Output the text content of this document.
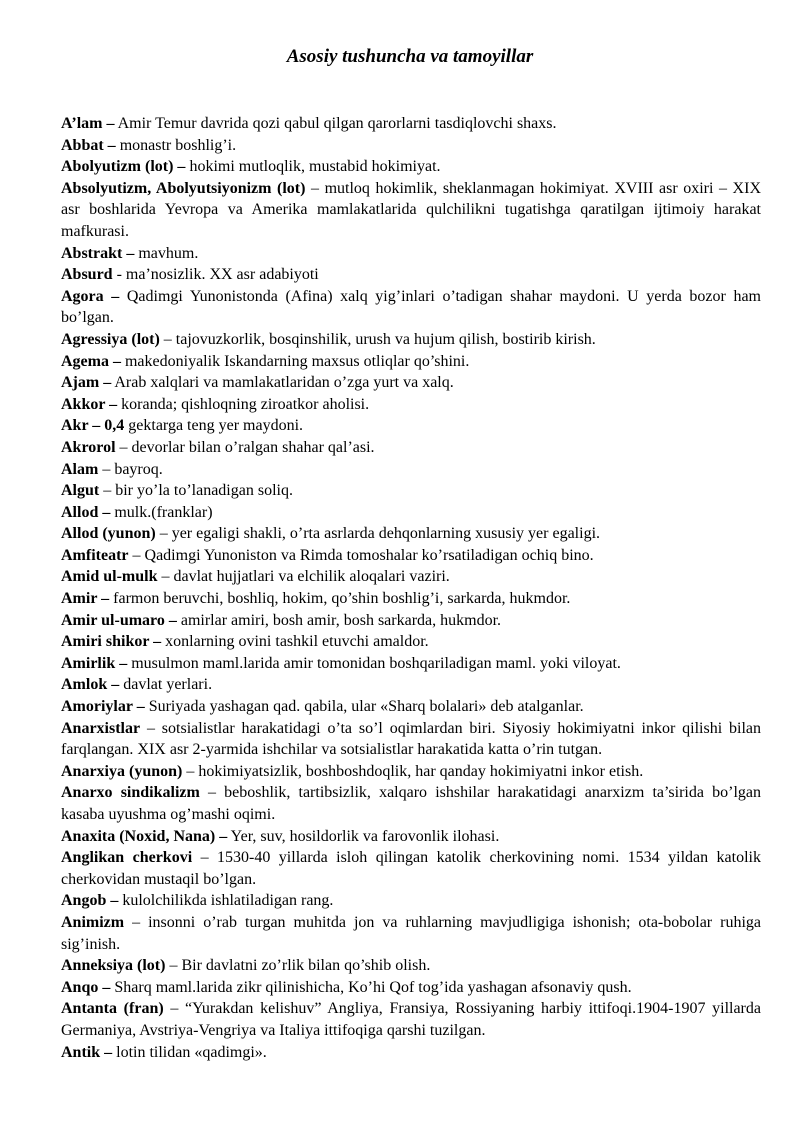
Asosiy tushuncha va tamoyillar

A’lam – Amir Temur davrida qozi qabul qilgan qarorlarni tasdiqlovchi shaxs.

Abbat – monastr boshlig’i.

Abolyutizm (lot) – hokimi mutloqlik, mustabid hokimiyat.

Absolyutizm, Abolyutsiyonizm (lot) – mutloq hokimlik, sheklanmagan hokimiyat. XVIII asr oxiri – XIX asr boshlarida Yevropa va Amerika mamlakatlarida qulchilikni tugatishga qaratilgan ijtimoiy harakat mafkurasi.

Abstrakt – mavhum.

Absurd - ma’nosizlik. XX asr adabiyoti

Agora – Qadimgi Yunonistonda (Afina) xalq yig’inlari o’tadigan shahar maydoni. U yerda bozor ham bo’lgan.

Agressiya (lot) – tajovuzkorlik, bosqinshilik, urush va hujum qilish, bostirib kirish.

Agema – makedoniyalik Iskandarning maxsus otliqlar qo’shini.

Ajam – Arab xalqlari va mamlakatlaridan o’zga yurt va xalq.

Akkor – koranda; qishloqning ziroatkor aholisi.

Akr – 0,4 gektarga teng yer maydoni.

Akrorol – devorlar bilan o’ralgan shahar qal’asi.

Alam – bayroq.

Algut – bir yo’la to’lanadigan soliq.

Allod – mulk.(franklar)

Allod (yunon) – yer egaligi shakli, o’rta asrlarda dehqonlarning xususiy yer egaligi.

Amfiteatr – Qadimgi Yunoniston va Rimda tomoshalar ko’rsatiladigan ochiq bino.

Amid ul-mulk – davlat hujjatlari va elchilik aloqalari vaziri.

Amir – farmon beruvchi, boshliq, hokim, qo’shin boshlig’i, sarkarda, hukmdor.

Amir ul-umaro – amirlar amiri, bosh amir, bosh sarkarda, hukmdor.

Amiri shikor – xonlarning ovini tashkil etuvchi amaldor.

Amirlik – musulmon maml.larida amir tomonidan boshqariladigan maml. yoki viloyat.

Amlok – davlat yerlari.

Amoriylar – Suriyada yashagan qad. qabila, ular «Sharq bolalari» deb atalganlar.

Anarxistlar – sotsialistlar harakatidagi o’ta so’l oqimlardan biri. Siyosiy hokimiyatni inkor qilishi bilan farqlangan. XIX asr 2-yarmida ishchilar va sotsialistlar harakatida katta o’rin tutgan.

Anarxiya (yunon) – hokimiyatsizlik, boshboshdoqlik, har qanday hokimiyatni inkor etish.

Anarxo sindikalizm – beboshlik, tartibsizlik, xalqaro ishshilar harakatidagi anarxizm ta’sirida bo’lgan kasaba uyushma og’mashi oqimi.

Anaxita (Noxid, Nana) – Yer, suv, hosildorlik va farovonlik ilohasi.

Anglikan cherkovi – 1530-40 yillarda isloh qilingan katolik cherkovining nomi. 1534 yildan katolik cherkovidan mustaqil bo’lgan.

Angob – kulolchilikda ishlatiladigan rang.

Animizm – insonni o’rab turgan muhitda jon va ruhlarning mavjudligiga ishonish; ota-bobolar ruhiga sig’inish.

Anneksiya (lot) – Bir davlatni zo’rlik bilan qo’shib olish.

Anqo – Sharq maml.larida zikr qilinishicha, Ko’hi Qof tog’ida yashagan afsonaviy qush.

Antanta (fran) – “Yurakdan kelishuv” Angliya, Fransiya, Rossiyaning harbiy ittifoqi.1904-1907 yillarda Germaniya, Avstriya-Vengriya va Italiya ittifoqiga qarshi tuzilgan.

Antik – lotin tilidan «qadimgi».
